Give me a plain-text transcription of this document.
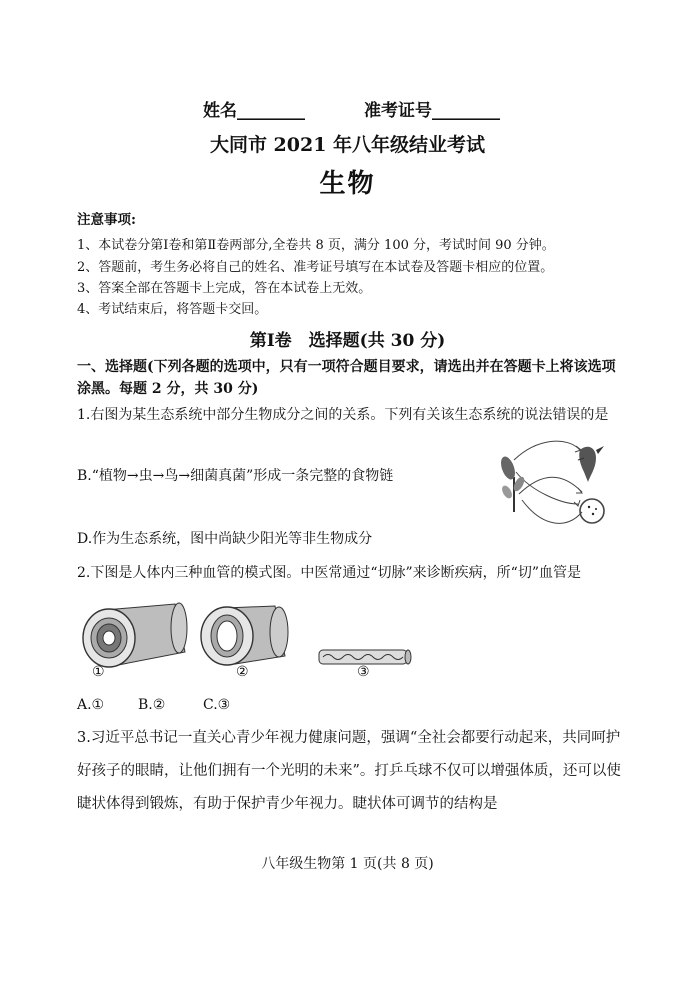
姓名________	准考证号________
大同市 2021 年八年级结业考试
生物
注意事项:
1、本试卷分第Ⅰ卷和第Ⅱ卷两部分,全卷共 8 页，满分 100 分，考试时间 90 分钟。
2、答题前，考生务必将自己的姓名、准考证号填写在本试卷及答题卡相应的位置。
3、答案全部在答题卡上完成，答在本试卷上无效。
4、考试结束后，将答题卡交回。
第Ⅰ卷　选择题(共 30 分)
一、选择题(下列各题的选项中，只有一项符合题目要求，请选出并在答题卡上将该选项涂黑。每题 2 分，共 30 分)
1.右图为某生态系统中部分生物成分之间的关系。下列有关该生态系统的说法错误的是
B.“植物→虫→鸟→细菌真菌”形成一条完整的食物链
D.作为生态系统，图中尚缺少阳光等非生物成分
2.下图是人体内三种血管的模式图。中医常通过“切脉”来诊断疾病，所“切”血管是
①	②	③
A.① B.②	C.③
3.习近平总书记一直关心青少年视力健康问题，强调“全社会都要行动起来，共同呵护好孩子的眼睛，让他们拥有一个光明的未来”。打乒乓球不仅可以增强体质，还可以使睫状体得到锻炼，有助于保护青少年视力。睫状体可调节的结构是
八年级生物第 1 页(共 8 页)
